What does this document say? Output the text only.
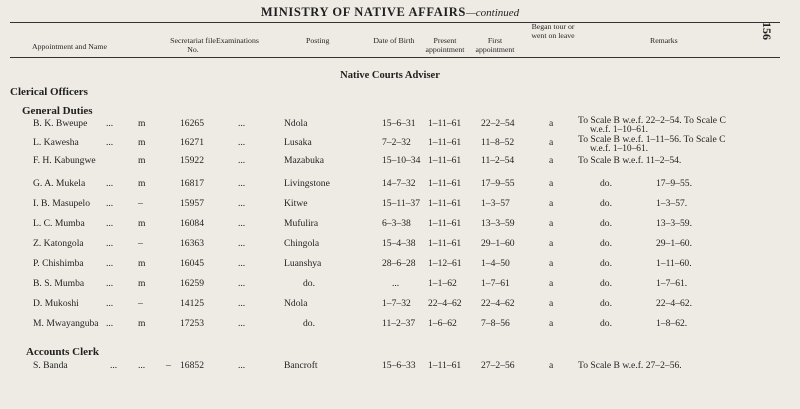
MINISTRY OF NATIVE AFFAIRS—continued
156
Appointment and Name
Secretariat file No.
Examinations	Posting	Date of Birth	Present appointment
First appointment
Began tour or went on leave
Remarks
Native Courts Adviser
Clerical Officers
General Duties
B. K. Bweupe ...	m	16265	...	Ndola	15–6–31 1–11–61 22–2–54	a	To Scale B w.e.f. 22–2–54. To Scale C
w.e.f. 1–10–61.
L. Kawesha	...	m	16271	...	Lusaka	7–2–32 1–11–61 11–8–52	a	To Scale B w.e.f. 1–11–56. To Scale C
w.e.f. 1–10–61.
F. H. Kabungwe	m	15922	...	Mazabuka	15–10–34 1–11–61 11–2–54	a	To Scale B w.e.f. 11–2–54.
G. A. Mukela ...	m	16817	...	Livingstone	14–7–32 1–11–61 17–9–55	a	do.	17–9–55.
I. B. Masupelo ...	–	15957	...	Kitwe	15–11–37 1–11–61 1–3–57	a	do.	1–3–57.
L. C. Mumba ...	m	16084	...	Mufulira	6–3–38 1–11–61 13–3–59	a	do.	13–3–59.
Z. Katongola ...	–	16363	...	Chingola	15–4–38 1–11–61 29–1–60	a	do.	29–1–60.
P. Chishimba ...	m	16045	...	Luanshya	28–6–28 1–12–61 1–4–50	a	do.	1–11–60.
B. S. Mumba ...	m	16259	...	do.	...	1–1–62	1–7–61	a	do.	1–7–61.
D. Mukoshi	...	–	14125	...	Ndola	1–7–32 22–4–62 22–4–62	a	do.	22–4–62.
M. Mwayanguba ...	m	17253	...	do.	11–2–37 1–6–62	7–8–56	a	do.	1–8–62.
Accounts Clerk
S. Banda	... ... – 16852	...	Bancroft	15–6–33 1–11–61 27–2–56	a	To Scale B w.e.f. 27–2–56.
